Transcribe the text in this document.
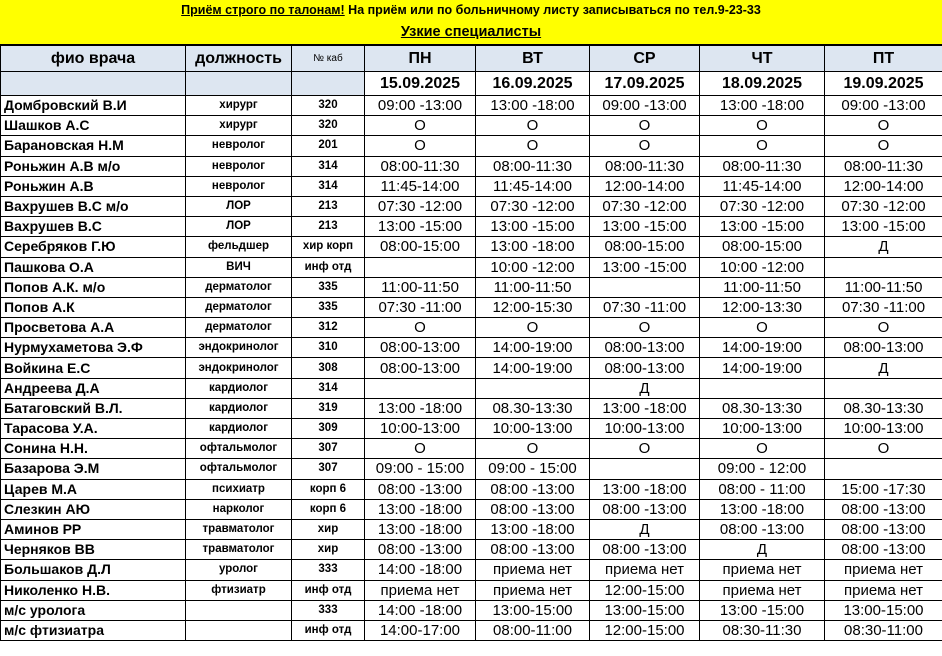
Приём строго по талонам! На приём или по больничному листу записываться по тел.9-23-33
Узкие специалисты
фио врача	должность	№ каб	ПН	ВТ	СР	ЧТ	ПТ
			15.09.2025	16.09.2025	17.09.2025	18.09.2025	19.09.2025
Домбровский В.И	хирург	320	09:00 -13:00	13:00 -18:00	09:00 -13:00	13:00 -18:00	09:00 -13:00
Шашков А.С	хирург	320	О	О	О	О	О
Барановская Н.М	невролог	201	О	О	О	О	О
Роньжин А.В м/о	невролог	314	08:00-11:30	08:00-11:30	08:00-11:30	08:00-11:30	08:00-11:30
Роньжин А.В	невролог	314	11:45-14:00	11:45-14:00	12:00-14:00	11:45-14:00	12:00-14:00
Вахрушев В.С м/о	ЛОР	213	07:30 -12:00	07:30 -12:00	07:30 -12:00	07:30 -12:00	07:30 -12:00
Вахрушев В.С	ЛОР	213	13:00 -15:00	13:00 -15:00	13:00 -15:00	13:00 -15:00	13:00 -15:00
Серебряков Г.Ю	фельдшер	хир корп	08:00-15:00	13:00 -18:00	08:00-15:00	08:00-15:00	Д
Пашкова О.А	ВИЧ	инф отд		10:00 -12:00	13:00 -15:00	10:00 -12:00	
Попов А.К. м/о	дерматолог	335	11:00-11:50	11:00-11:50		11:00-11:50	11:00-11:50
Попов А.К	дерматолог	335	07:30 -11:00	12:00-15:30	07:30 -11:00	12:00-13:30	07:30 -11:00
Просветова А.А	дерматолог	312	О	О	О	О	О
Нурмухаметова Э.Ф	эндокринолог	310	08:00-13:00	14:00-19:00	08:00-13:00	14:00-19:00	08:00-13:00
Войкина Е.С	эндокринолог	308	08:00-13:00	14:00-19:00	08:00-13:00	14:00-19:00	Д
Андреева Д.А	кардиолог	314			Д		
Батаговский В.Л.	кардиолог	319	13:00 -18:00	08.30-13:30	13:00 -18:00	08.30-13:30	08.30-13:30
Тарасова У.А.	кардиолог	309	10:00-13:00	10:00-13:00	10:00-13:00	10:00-13:00	10:00-13:00
Сонина Н.Н.	офтальмолог	307	О	О	О	О	О
Базарова Э.М	офтальмолог	307	09:00 - 15:00	09:00 - 15:00		09:00 - 12:00	
Царев М.А	психиатр	корп 6	08:00 -13:00	08:00 -13:00	13:00 -18:00	08:00 - 11:00	15:00 -17:30
Слезкин АЮ	нарколог	корп 6	13:00 -18:00	08:00 -13:00	08:00 -13:00	13:00 -18:00	08:00 -13:00
Аминов РР	травматолог	хир	13:00 -18:00	13:00 -18:00	Д	08:00 -13:00	08:00 -13:00
Черняков ВВ	травматолог	хир	08:00 -13:00	08:00 -13:00	08:00 -13:00	Д	08:00 -13:00
Большаков Д.Л	уролог	333	14:00 -18:00	приема нет	приема нет	приема нет	приема нет
Николенко Н.В.	фтизиатр	инф отд	приема нет	приема нет	12:00-15:00	приема нет	приема нет
м/с уролога		333	14:00 -18:00	13:00-15:00	13:00-15:00	13:00 -15:00	13:00-15:00
м/с фтизиатра		инф отд	14:00-17:00	08:00-11:00	12:00-15:00	08:30-11:30	08:30-11:00
